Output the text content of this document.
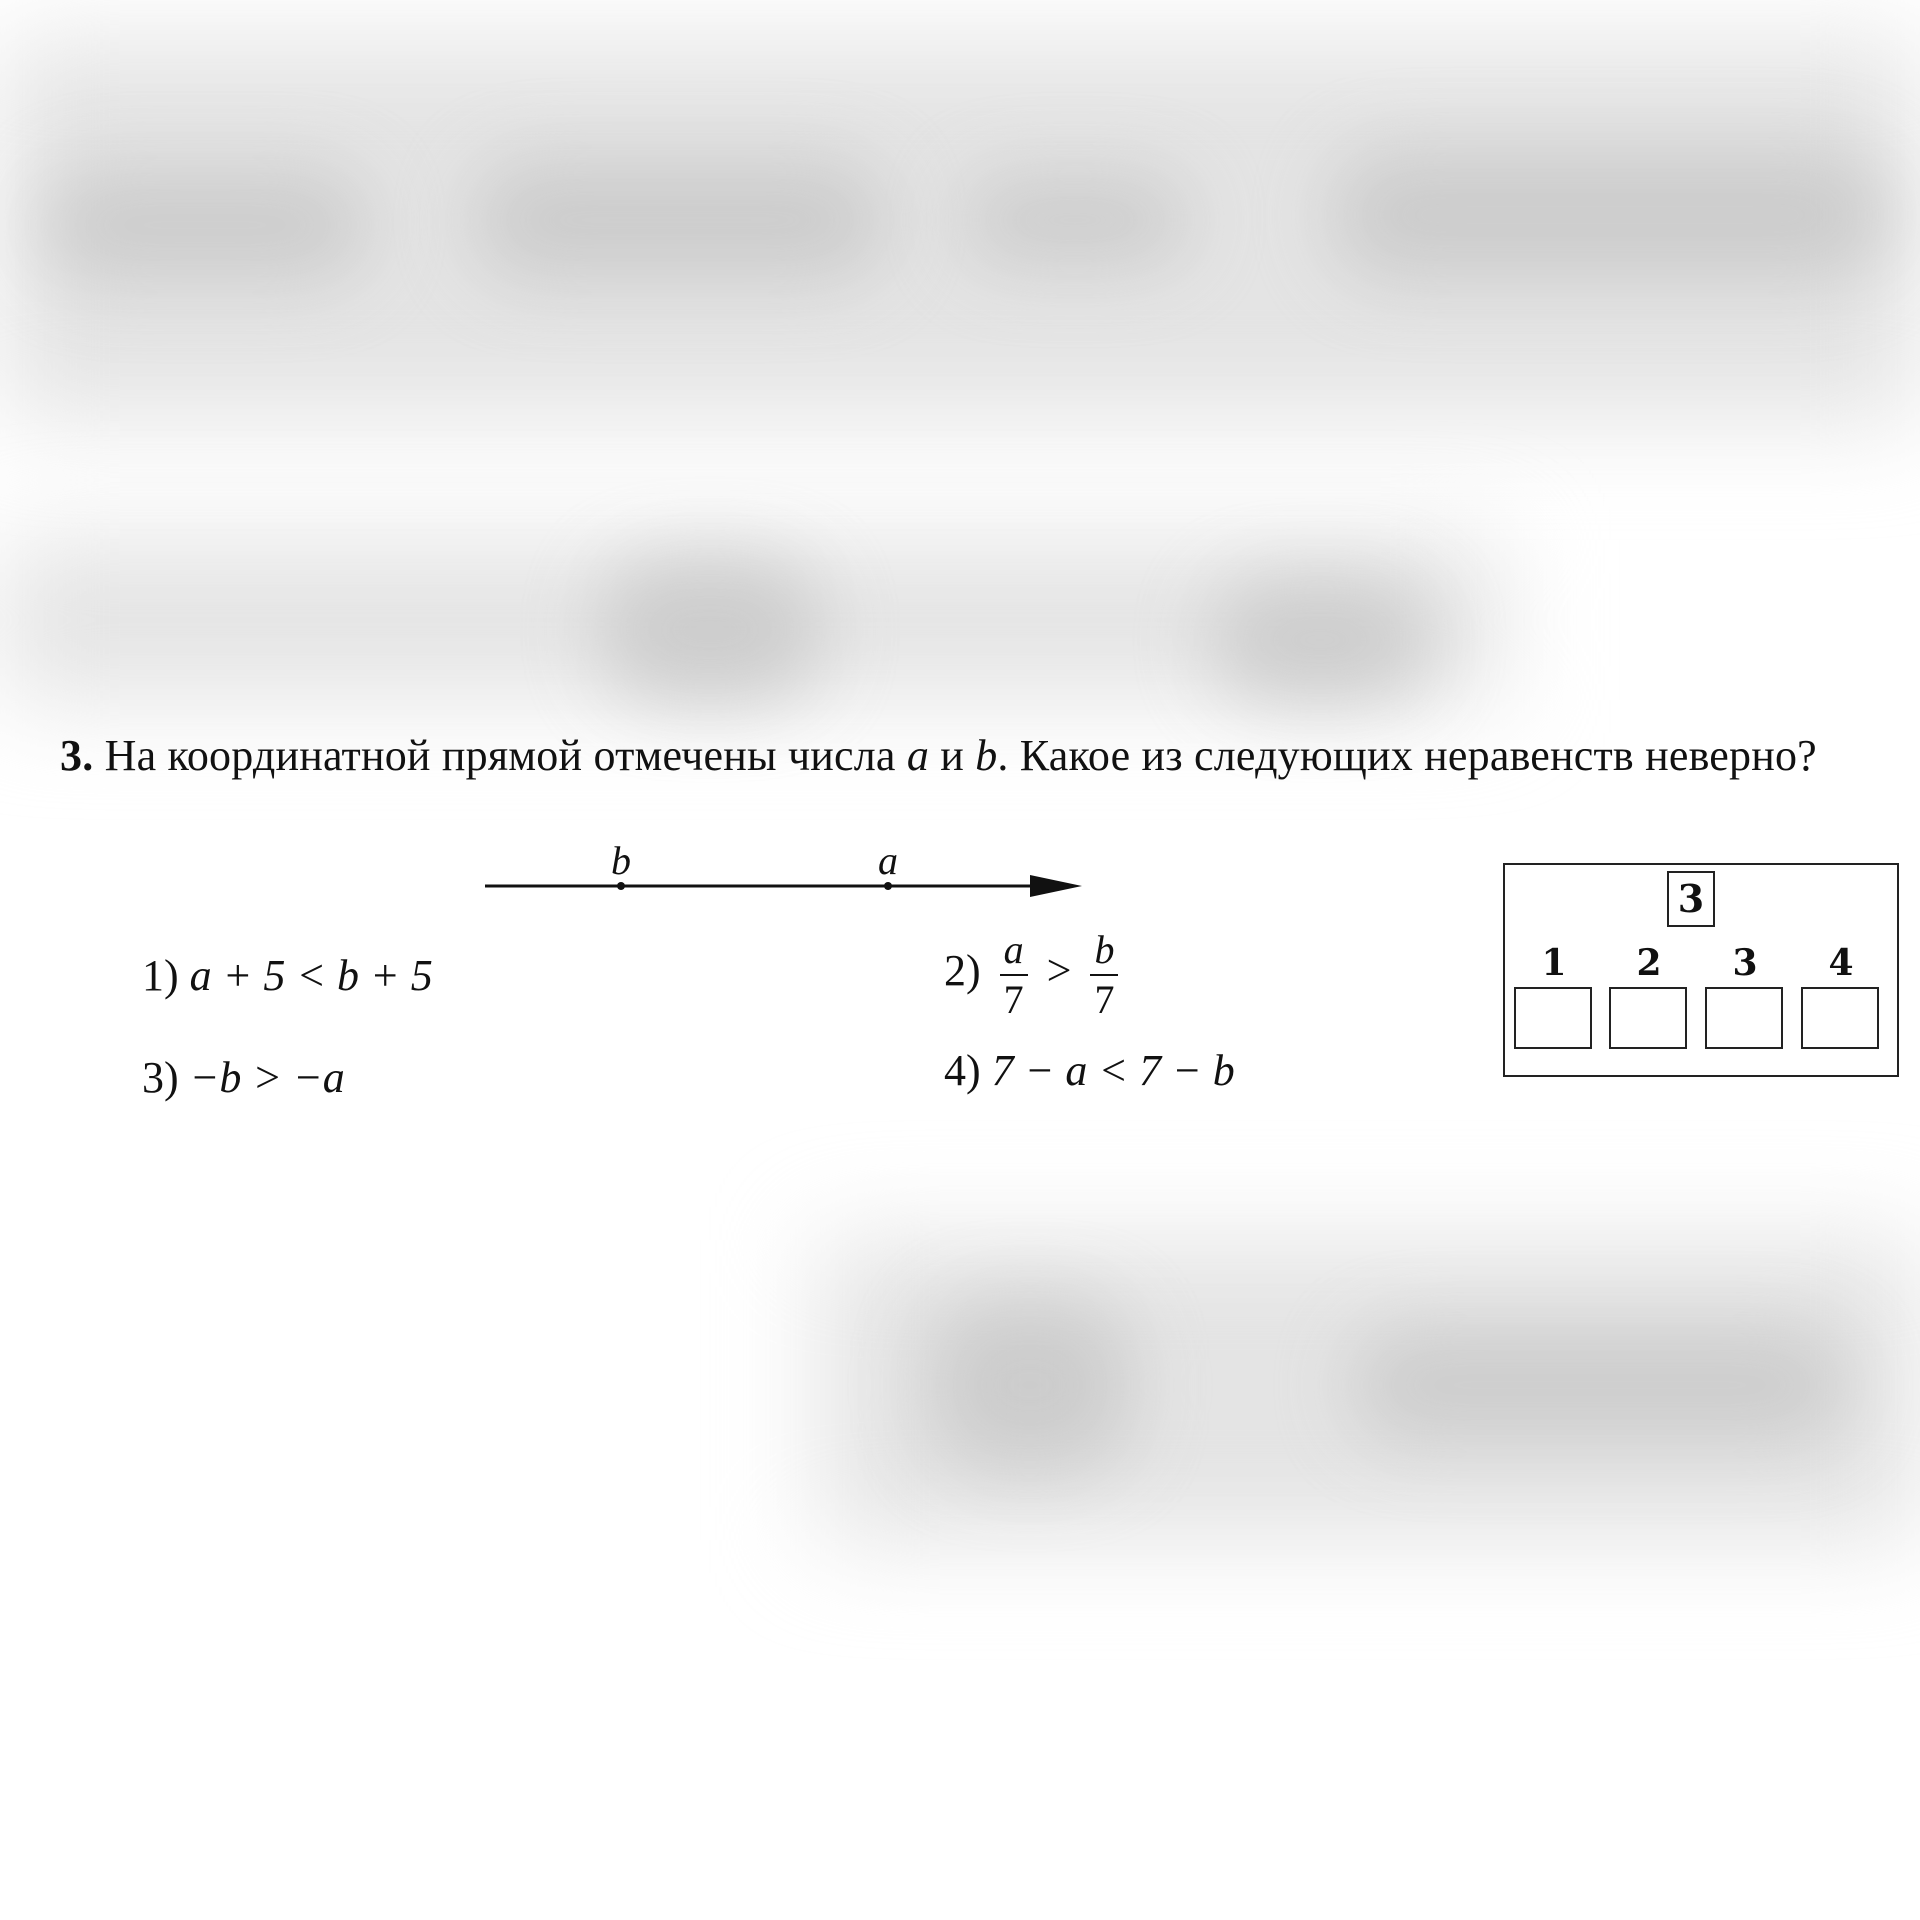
3. На координатной прямой отмечены числа a и b. Какое из следующих неравенств неверно?
b	a
1) a + 5 < b + 5	$2) \frac{a}{7} > \frac{b}{7}$
3) −b > −a	4) 7 − a < 7 − b
3
1	2	3	4
